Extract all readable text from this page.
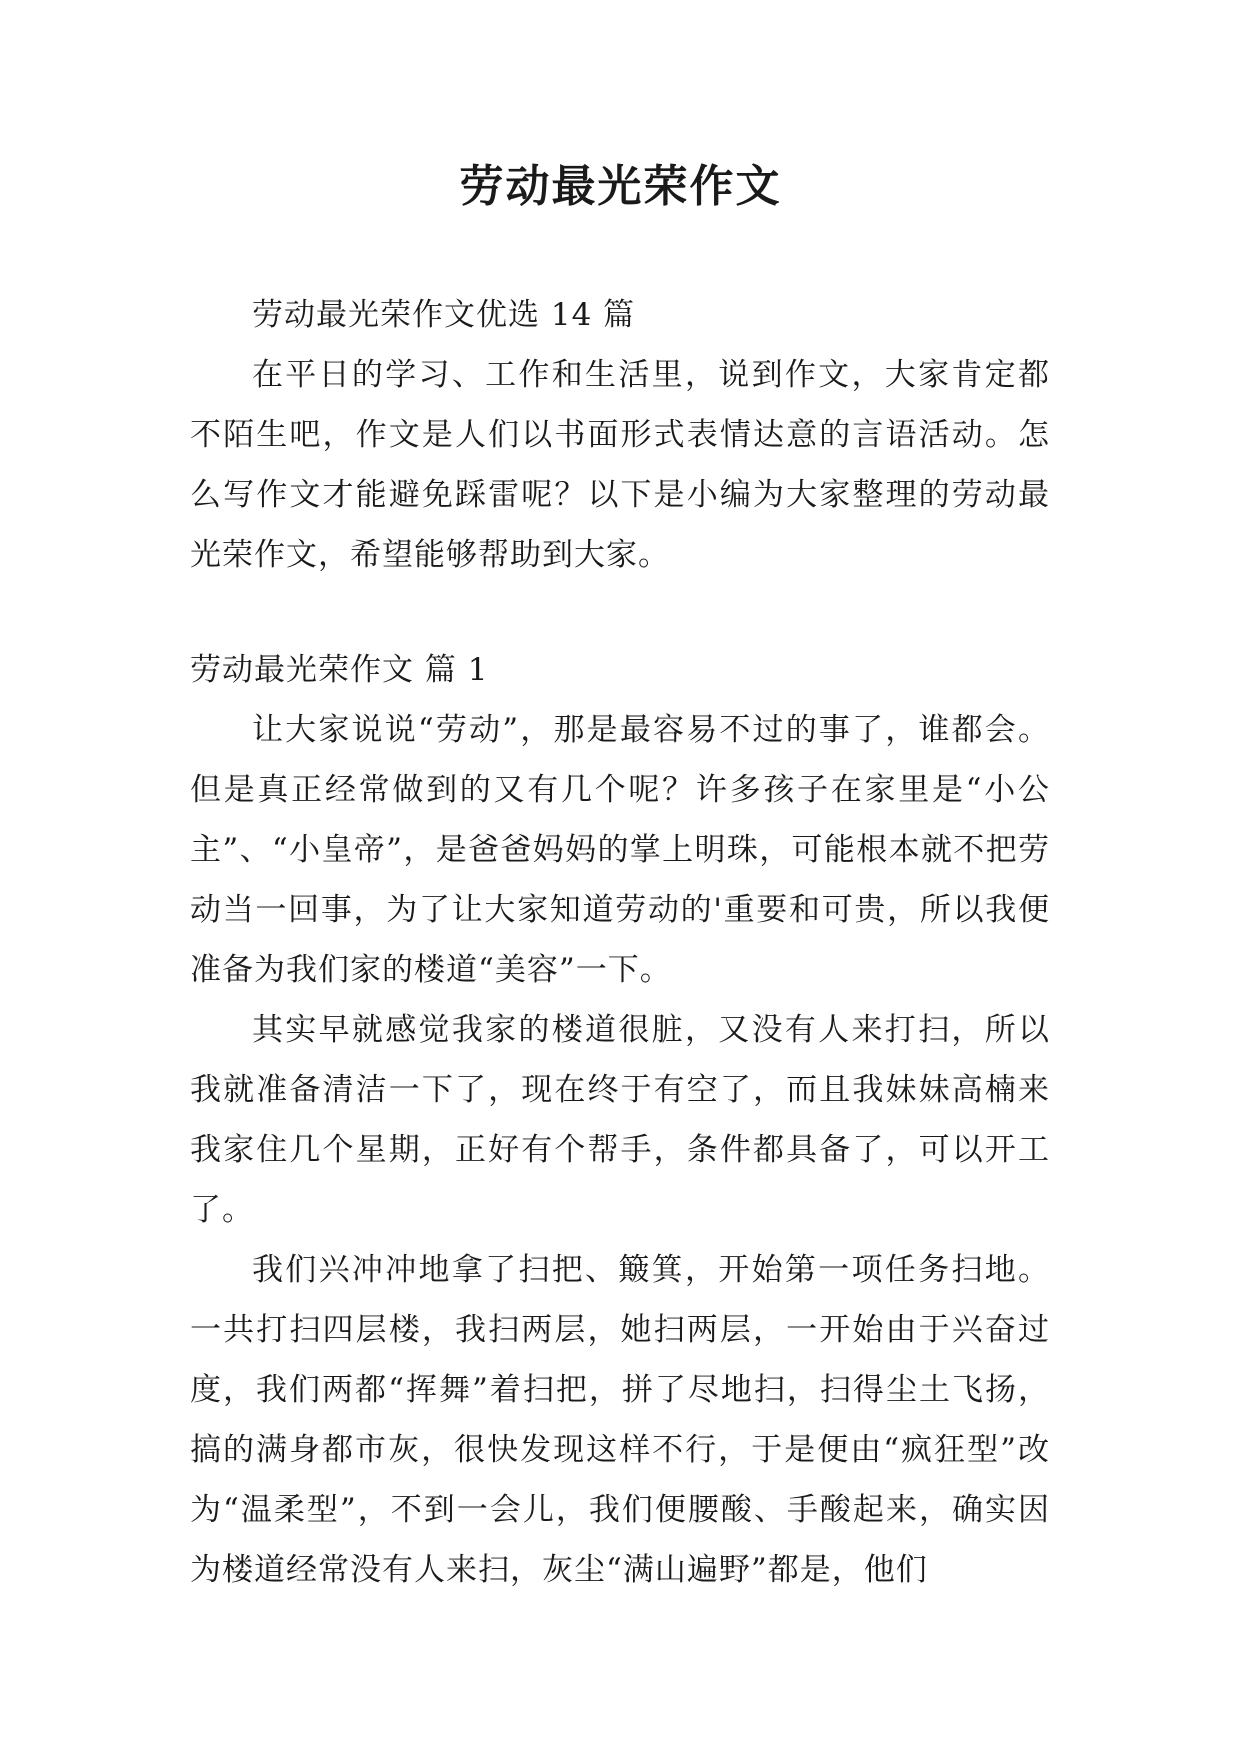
劳动最光荣作文

劳动最光荣作文优选 14 篇

在平日的学习、工作和生活里，说到作文，大家肯定都不陌生吧，作文是人们以书面形式表情达意的言语活动。怎么写作文才能避免踩雷呢？以下是小编为大家整理的劳动最光荣作文，希望能够帮助到大家。

劳动最光荣作文 篇 1

让大家说说“劳动”，那是最容易不过的事了，谁都会。但是真正经常做到的又有几个呢？许多孩子在家里是“小公主”、“小皇帝”，是爸爸妈妈的掌上明珠，可能根本就不把劳动当一回事，为了让大家知道劳动的'重要和可贵，所以我便准备为我们家的楼道“美容”一下。

其实早就感觉我家的楼道很脏，又没有人来打扫，所以我就准备清洁一下了，现在终于有空了，而且我妹妹高楠来我家住几个星期，正好有个帮手，条件都具备了，可以开工了。

我们兴冲冲地拿了扫把、簸箕，开始第一项任务扫地。一共打扫四层楼，我扫两层，她扫两层，一开始由于兴奋过度，我们两都“挥舞”着扫把，拼了尽地扫，扫得尘土飞扬，搞的满身都市灰，很快发现这样不行，于是便由“疯狂型”改为“温柔型”，不到一会儿，我们便腰酸、手酸起来，确实因为楼道经常没有人来扫，灰尘“满山遍野”都是，他们
